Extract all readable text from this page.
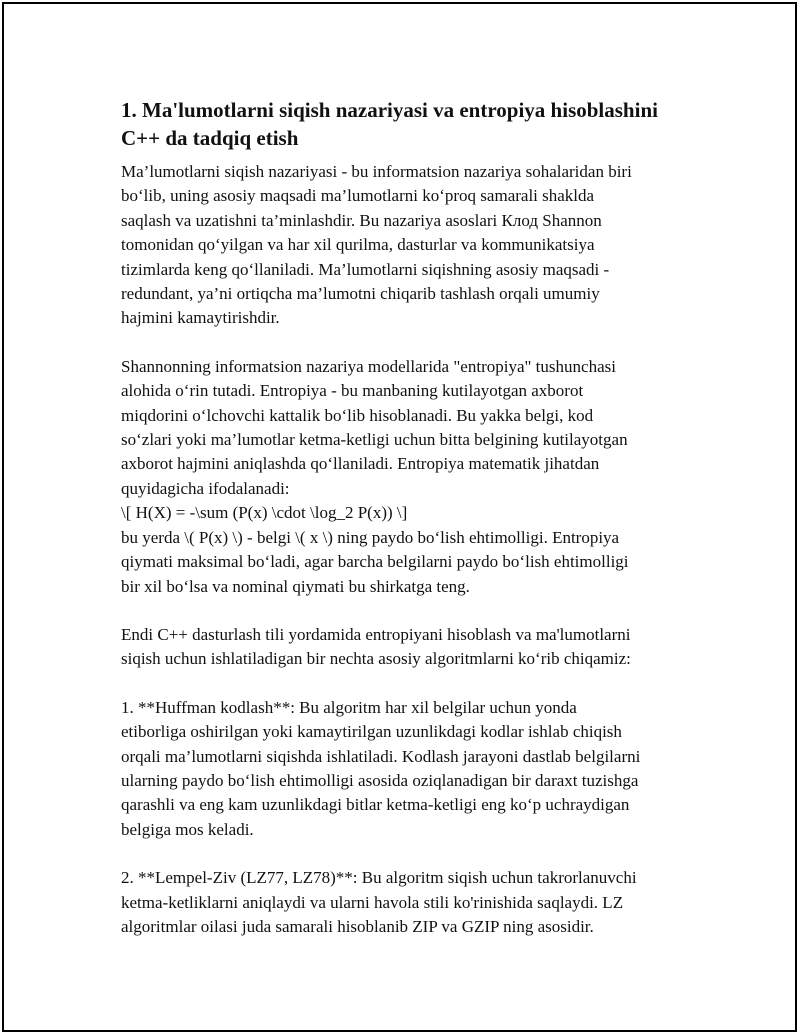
1. Ma'lumotlarni siqish nazariyasi va entropiya hisoblashini
C++ da tadqiq etish

Ma’lumotlarni siqish nazariyasi - bu informatsion nazariya sohalaridan biri
bo‘lib, uning asosiy maqsadi ma’lumotlarni ko‘proq samarali shaklda
saqlash va uzatishni ta’minlashdir. Bu nazariya asoslari Клод Shannon
tomonidan qo‘yilgan va har xil qurilma, dasturlar va kommunikatsiya
tizimlarda keng qo‘llaniladi. Ma’lumotlarni siqishning asosiy maqsadi -
redundant, ya’ni ortiqcha ma’lumotni chiqarib tashlash orqali umumiy
hajmini kamaytirishdir.

Shannonning informatsion nazariya modellarida "entropiya" tushunchasi
alohida o‘rin tutadi. Entropiya - bu manbaning kutilayotgan axborot
miqdorini o‘lchovchi kattalik bo‘lib hisoblanadi. Bu yakka belgi, kod
so‘zlari yoki ma’lumotlar ketma-ketligi uchun bitta belgining kutilayotgan
axborot hajmini aniqlashda qo‘llaniladi. Entropiya matematik jihatdan
quyidagicha ifodalanadi:
\[ H(X) = -\sum (P(x) \cdot \log_2 P(x)) \]
bu yerda \( P(x) \) - belgi \( x \) ning paydo bo‘lish ehtimolligi. Entropiya
qiymati maksimal bo‘ladi, agar barcha belgilarni paydo bo‘lish ehtimolligi
bir xil bo‘lsa va nominal qiymati bu shirkatga teng.

Endi C++ dasturlash tili yordamida entropiyani hisoblash va ma'lumotlarni
siqish uchun ishlatiladigan bir nechta asosiy algoritmlarni ko‘rib chiqamiz:

1. **Huffman kodlash**: Bu algoritm har xil belgilar uchun yonda
etiborliga oshirilgan yoki kamaytirilgan uzunlikdagi kodlar ishlab chiqish
orqali ma’lumotlarni siqishda ishlatiladi. Kodlash jarayoni dastlab belgilarni
ularning paydo bo‘lish ehtimolligi asosida oziqlanadigan bir daraxt tuzishga
qarashli va eng kam uzunlikdagi bitlar ketma-ketligi eng ko‘p uchraydigan
belgiga mos keladi.

2. **Lempel-Ziv (LZ77, LZ78)**: Bu algoritm siqish uchun takrorlanuvchi
ketma-ketliklarni aniqlaydi va ularni havola stili ko'rinishida saqlaydi. LZ
algoritmlar oilasi juda samarali hisoblanib ZIP va GZIP ning asosidir.
